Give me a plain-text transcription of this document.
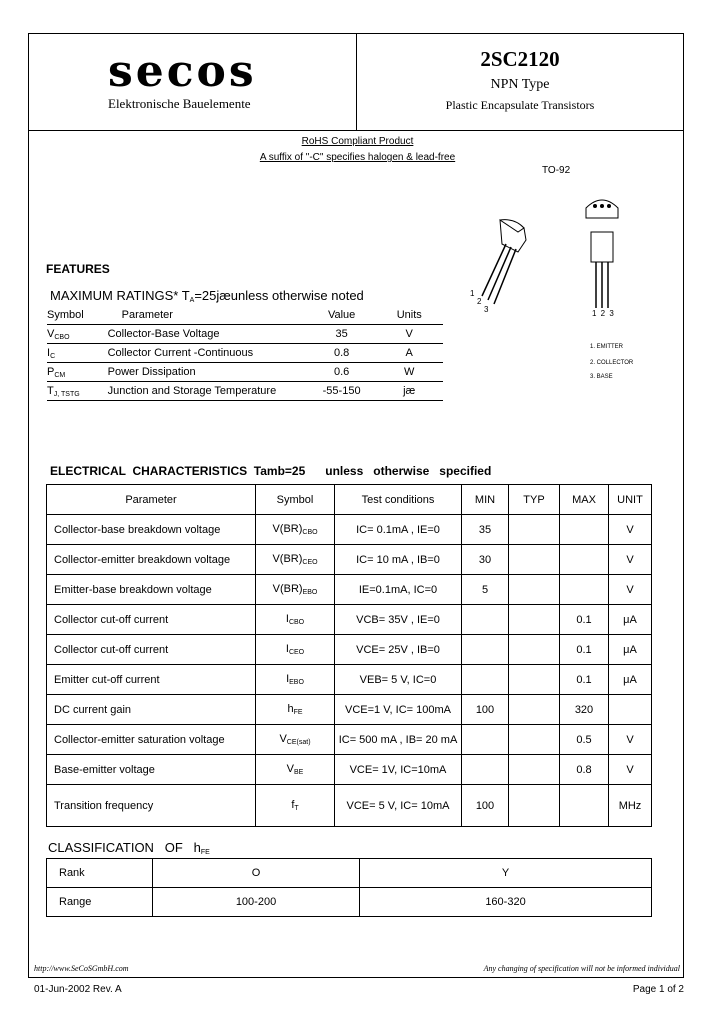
secos
Elektronische Bauelemente
2SC2120
NPN Type
Plastic Encapsulate Transistors
RoHS Compliant Product
A suffix of "-C" specifies halogen & lead-free
TO-92
1
2
3	1 2 3
1. EMITTER
2. COLLECTOR
3. BASE
FEATURES
MAXIMUM RATINGS* $T_A=25jæunless$ otherwise noted
Symbol	Parameter	Value	Units
$V_{CBO}$	Collector-Base Voltage	35	V
$I_C$	Collector Current -Continuous	0.8	A
$P_{CM}$	Power Dissipation	0.6	W
$T_{J, TSTG}$	Junction and Storage Temperature	-55-150	jæ
ELECTRICAL  CHARACTERISTICS  Tamb=25      unless   otherwise   specified
Parameter	Symbol	Test conditions	MIN	TYP	MAX	UNIT
Collector-base breakdown voltage	$V(BR)_{CBO}$	IC= 0.1mA , IE=0	35			V
Collector-emitter breakdown voltage	$V(BR)_{CEO}$	IC= 10 mA , IB=0	30			V
Emitter-base breakdown voltage	$V(BR)_{EBO}$	IE=0.1mA, IC=0	5			V
Collector cut-off current	$I_{CBO}$	VCB= 35V , IE=0			0.1	μA
Collector cut-off current	$I_{CEO}$	VCE= 25V , IB=0			0.1	μA
Emitter cut-off current	$I_{EBO}$	VEB= 5 V, IC=0			0.1	μA
DC current gain	$h_{FE}$	VCE=1 V, IC= 100mA	100		320	
Collector-emitter saturation voltage	$V_{CE(sat)}$	IC= 500 mA , IB= 20 mA			0.5	V
Base-emitter voltage	$V_{BE}$	VCE= 1V, IC=10mA			0.8	V
Transition frequency	$f_T$	VCE= 5 V, IC= 10mA	100			MHz
CLASSIFICATION   OF   $h_{FE}$
Rank	O	Y
Range	100-200	160-320
http://www.SeCoSGmbH.com	Any changing of specification will not be informed individual
01-Jun-2002 Rev. A	Page 1 of 2
